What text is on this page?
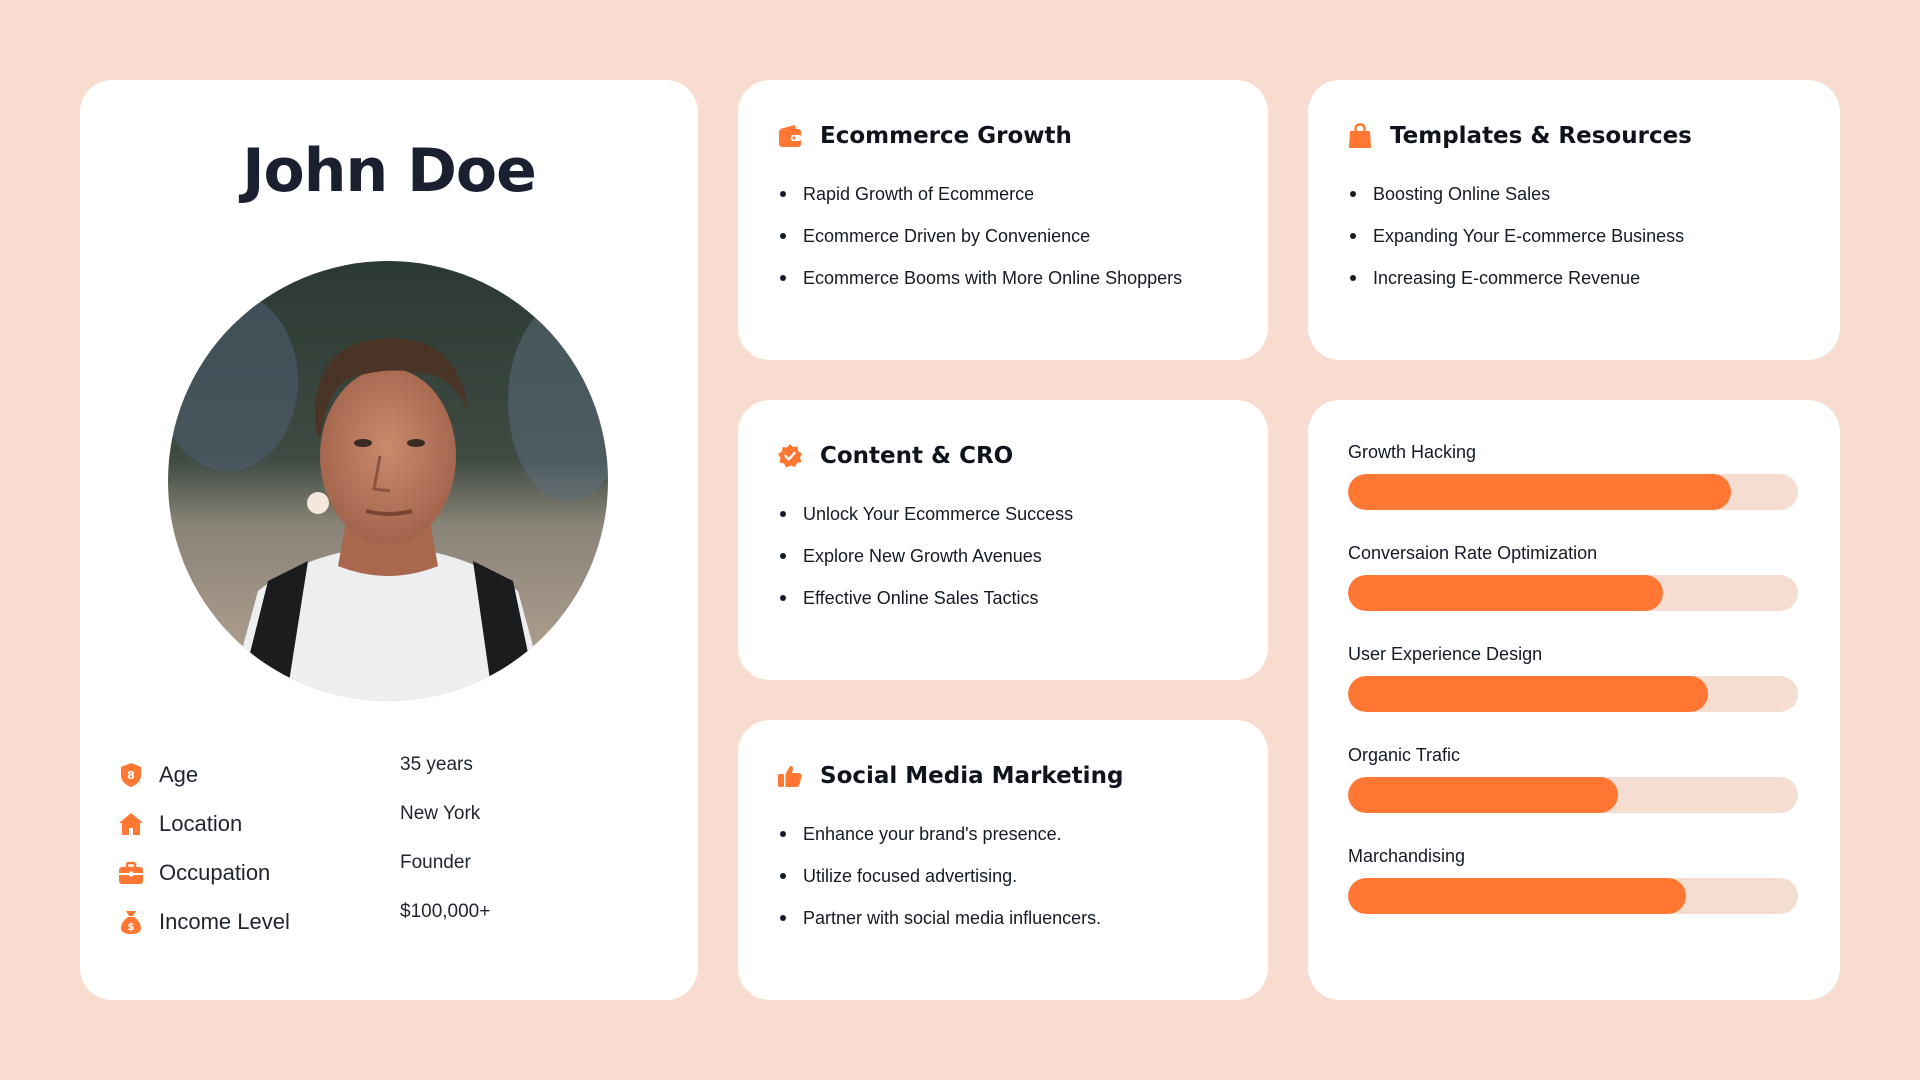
John Doe
8 Age	35 years
Location	New York
Occupation	Founder
$ Income Level	$100,000+
Ecommerce Growth
Rapid Growth of Ecommerce
Ecommerce Driven by Convenience
Ecommerce Booms with More Online Shoppers
Content & CRO
Unlock Your Ecommerce Success
Explore New Growth Avenues
Effective Online Sales Tactics
Social Media Marketing
Enhance your brand's presence.
Utilize focused advertising.
Partner with social media influencers.
Templates & Resources
Boosting Online Sales
Expanding Your E-commerce Business
Increasing E-commerce Revenue
Growth Hacking
Conversaion Rate Optimization
User Experience Design
Organic Trafic
Marchandising
